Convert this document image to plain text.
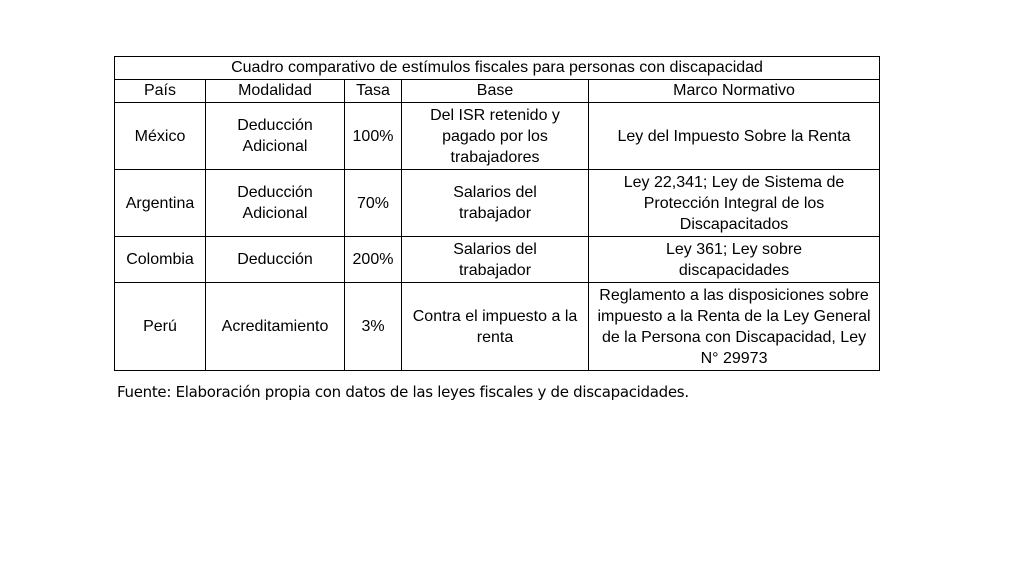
Cuadro comparativo de estímulos fiscales para personas con discapacidad				
País	Modalidad	Tasa	Base	Marco Normativo

México	Deducción Adicional	100%	Del ISR retenido y pagado por los trabajadores	Ley del Impuesto Sobre la Renta

Argentina	Deducción Adicional	70%	Salarios del trabajador	Ley 22,341; Ley de Sistema de Protección Integral de los Discapacitados

Colombia	Deducción	200%	Salarios del trabajador	Ley 361; Ley sobre discapacidades

Perú	Acreditamiento	3%	Contra el impuesto a la renta	Reglamento a las disposiciones sobre impuesto a la Renta de la Ley General de la Persona con Discapacidad, Ley N° 29973
Fuente: Elaboración propia con datos de las leyes fiscales y de discapacidades.
